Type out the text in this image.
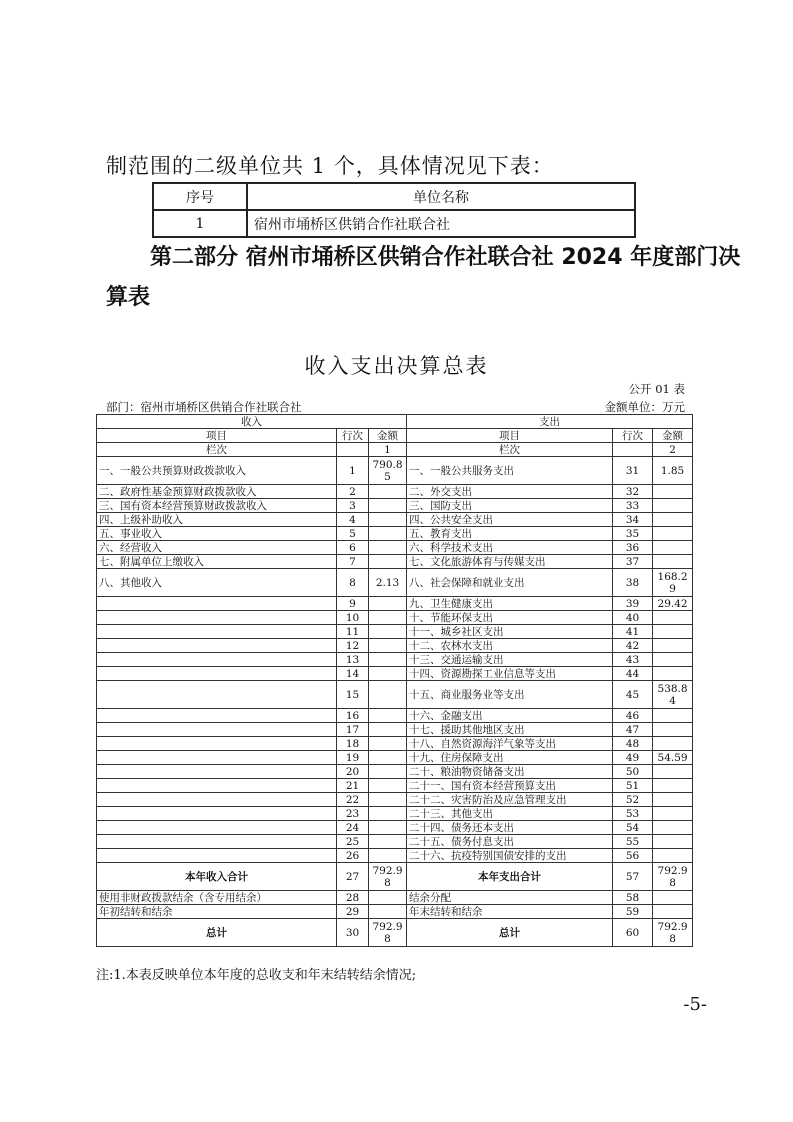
制范围的二级单位共 1 个，具体情况见下表：
序号	单位名称
1	宿州市埇桥区供销合作社联合社
第二部分 宿州市埇桥区供销合作社联合社 2024 年度部门决
算表
收入支出决算总表
公开 01 表
部门：宿州市埇桥区供销合作社联合社	金额单位：万元
收入			支出		
项目	行次	金额	项目	行次	金额
栏次		1	栏次		2
一、一般公共预算财政拨款收入	1	790.85	一、一般公共服务支出	31	1.85
二、政府性基金预算财政拨款收入	2		二、外交支出	32	
三、国有资本经营预算财政拨款收入	3		三、国防支出	33	
四、上级补助收入	4		四、公共安全支出	34	
五、事业收入	5		五、教育支出	35	
六、经营收入	6		六、科学技术支出	36	
七、附属单位上缴收入	7		七、文化旅游体育与传媒支出	37	
八、其他收入	8	2.13	八、社会保障和就业支出	38	168.29
	9		九、卫生健康支出	39	29.42
	10		十、节能环保支出	40	
	11		十一、城乡社区支出	41	
	12		十二、农林水支出	42	
	13		十三、交通运输支出	43	
	14		十四、资源勘探工业信息等支出	44	
	15		十五、商业服务业等支出	45	538.84
	16		十六、金融支出	46	
	17		十七、援助其他地区支出	47	
	18		十八、自然资源海洋气象等支出	48	
	19		十九、住房保障支出	49	54.59
	20		二十、粮油物资储备支出	50	
	21		二十一、国有资本经营预算支出	51	
	22		二十二、灾害防治及应急管理支出	52	
	23		二十三、其他支出	53	
	24		二十四、债务还本支出	54	
	25		二十五、债务付息支出	55	
	26		二十六、抗疫特别国债安排的支出	56	
本年收入合计	27	792.98	本年支出合计	57	792.98
使用非财政拨款结余（含专用结余）	28		结余分配	58	
年初结转和结余	29		年末结转和结余	59	
总计	30	792.98	总计	60	792.98
注:1.本表反映单位本年度的总收支和年末结转结余情况;
-5-
